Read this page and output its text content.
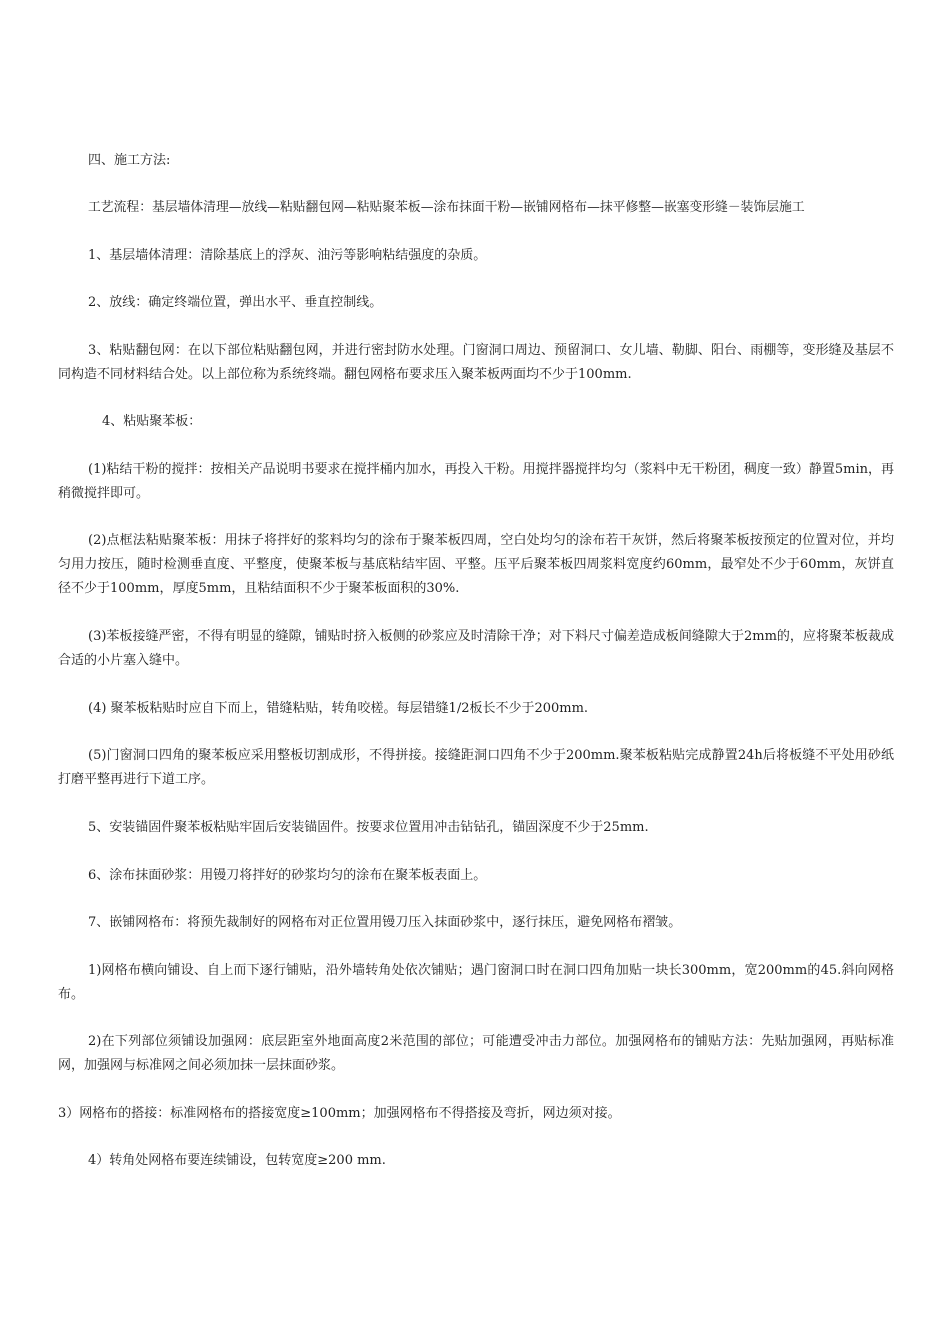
四、施工方法:

工艺流程：基层墙体清理—放线—粘贴翻包网—粘贴聚苯板—涂布抹面干粉—嵌铺网格布—抹平修整—嵌塞变形缝－装饰层施工

1、基层墙体清理：清除基底上的浮灰、油污等影响粘结强度的杂质。

2、放线：确定终端位置，弹出水平、垂直控制线。

3、粘贴翻包网：在以下部位粘贴翻包网，并进行密封防水处理。门窗洞口周边、预留洞口、女儿墙、勒脚、阳台、雨棚等，变形缝及基层不同构造不同材料结合处。以上部位称为系统终端。翻包网格布要求压入聚苯板两面均不少于100mm.

4、粘贴聚苯板：

(1)粘结干粉的搅拌：按相关产品说明书要求在搅拌桶内加水，再投入干粉。用搅拌器搅拌均匀（浆料中无干粉团，稠度一致）静置5min，再稍微搅拌即可。

(2)点框法粘贴聚苯板：用抹子将拌好的浆料均匀的涂布于聚苯板四周，空白处均匀的涂布若干灰饼，然后将聚苯板按预定的位置对位，并均匀用力按压，随时检测垂直度、平整度，使聚苯板与基底粘结牢固、平整。压平后聚苯板四周浆料宽度约60mm，最窄处不少于60mm，灰饼直径不少于100mm，厚度5mm，且粘结面积不少于聚苯板面积的30%.

(3)苯板接缝严密，不得有明显的缝隙，铺贴时挤入板侧的砂浆应及时清除干净；对下料尺寸偏差造成板间缝隙大于2mm的，应将聚苯板裁成合适的小片塞入缝中。

(4) 聚苯板粘贴时应自下而上，错缝粘贴，转角咬槎。每层错缝1/2板长不少于200mm.

(5)门窗洞口四角的聚苯板应采用整板切割成形，不得拼接。接缝距洞口四角不少于200mm.聚苯板粘贴完成静置24h后将板缝不平处用砂纸打磨平整再进行下道工序。

5、安装锚固件聚苯板粘贴牢固后安装锚固件。按要求位置用冲击钻钻孔，锚固深度不少于25mm.

6、涂布抹面砂浆：用镘刀将拌好的砂浆均匀的涂布在聚苯板表面上。

7、嵌铺网格布：将预先裁制好的网格布对正位置用镘刀压入抹面砂浆中，逐行抹压，避免网格布褶皱。

1)网格布横向铺设、自上而下逐行铺贴，沿外墙转角处依次铺贴；遇门窗洞口时在洞口四角加贴一块长300mm，宽200mm的45.斜向网格布。

2)在下列部位须铺设加强网：底层距室外地面高度2米范围的部位；可能遭受冲击力部位。加强网格布的铺贴方法：先贴加强网，再贴标准网，加强网与标准网之间必须加抹一层抹面砂浆。

3）网格布的搭接：标准网格布的搭接宽度≥100mm；加强网格布不得搭接及弯折，网边须对接。

4）转角处网格布要连续铺设，包转宽度≥200 mm.
